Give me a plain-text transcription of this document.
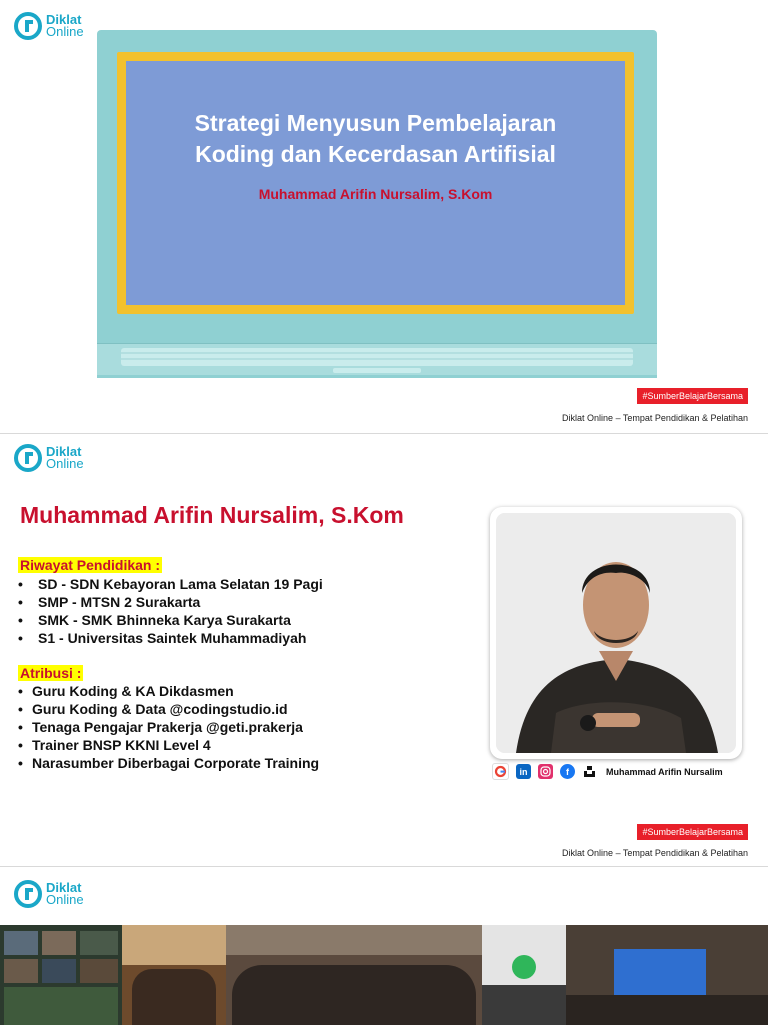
Diklat
Online
Strategi Menyusun Pembelajaran Koding dan Kecerdasan Artifisial
Muhammad Arifin Nursalim, S.Kom
#SumberBelajarBersama
Diklat Online – Tempat Pendidikan & Pelatihan
Diklat
Online
Muhammad Arifin Nursalim, S.Kom
Riwayat Pendidikan :
• SD - SDN Kebayoran Lama Selatan 19 Pagi
• SMP - MTSN 2 Surakarta
• SMK - SMK Bhinneka Karya Surakarta
• S1 - Universitas Saintek Muhammadiyah
Atribusi :
• Guru Koding & KA Dikdasmen
• Guru Koding & Data @codingstudio.id
• Tenaga Pengajar Prakerja @geti.prakerja
• Trainer BNSP KKNI Level 4
• Narasumber Diberbagai Corporate Training
in	f	Muhammad Arifin Nursalim
#SumberBelajarBersama
Diklat Online – Tempat Pendidikan & Pelatihan
Diklat
Online
